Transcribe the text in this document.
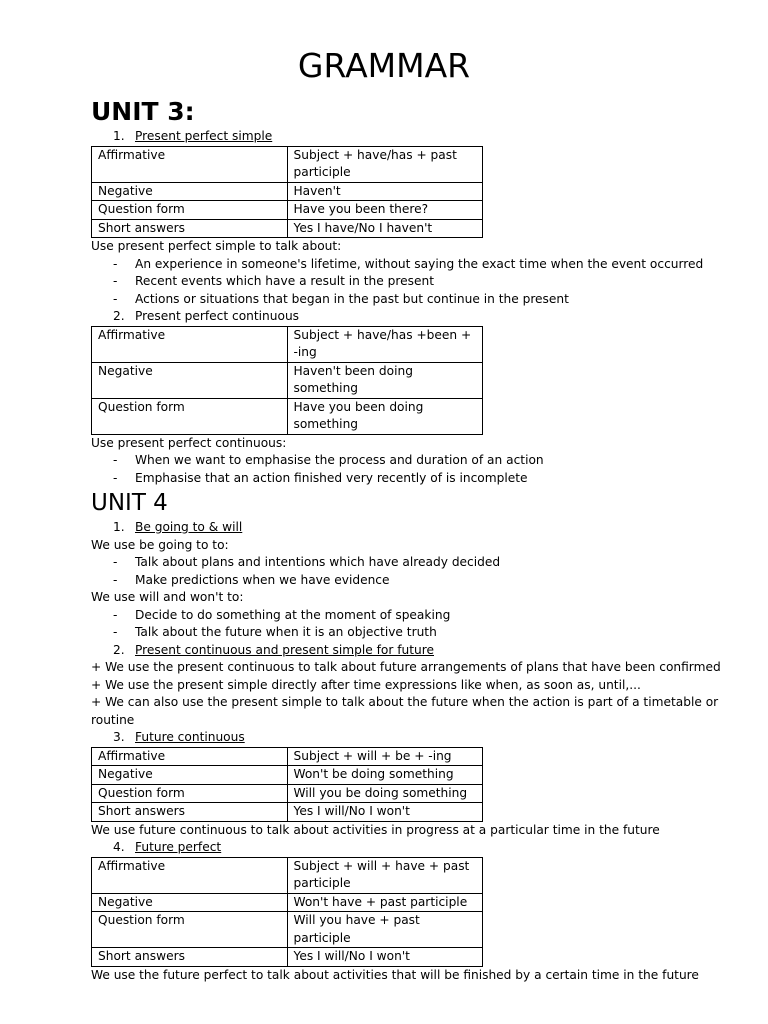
GRAMMAR
UNIT 3:
1. Present perfect simple
Affirmative	Subject + have/has + past participle
Negative	Haven't
Question form	Have you been there?
Short answers	Yes I have/No I haven't
Use present perfect simple to talk about:
- An experience in someone's lifetime, without saying the exact time when the event occurred
- Recent events which have a result in the present
- Actions or situations that began in the past but continue in the present
2. Present perfect continuous
Affirmative	Subject + have/has +been + -ing
Negative	Haven't been doing something
Question form	Have you been doing something
Use present perfect continuous:
- When we want to emphasise the process and duration of an action
- Emphasise that an action finished very recently of is incomplete
UNIT 4
1. Be going to & will
We use be going to to:
- Talk about plans and intentions which have already decided
- Make predictions when we have evidence
We use will and won't to:
- Decide to do something at the moment of speaking
- Talk about the future when it is an objective truth
2. Present continuous and present simple for future
+ We use the present continuous to talk about future arrangements of plans that have been confirmed
+ We use the present simple directly after time expressions like when, as soon as, until,...
+ We can also use the present simple to talk about the future when the action is part of a timetable or
routine
3. Future continuous
Affirmative	Subject + will + be + -ing
Negative	Won't be doing something
Question form	Will you be doing something
Short answers	Yes I will/No I won't
We use future continuous to talk about activities in progress at a particular time in the future
4. Future perfect
Affirmative	Subject + will + have + past participle
Negative	Won't have + past participle
Question form	Will you have + past participle
Short answers	Yes I will/No I won't
We use the future perfect to talk about activities that will be finished by a certain time in the future
